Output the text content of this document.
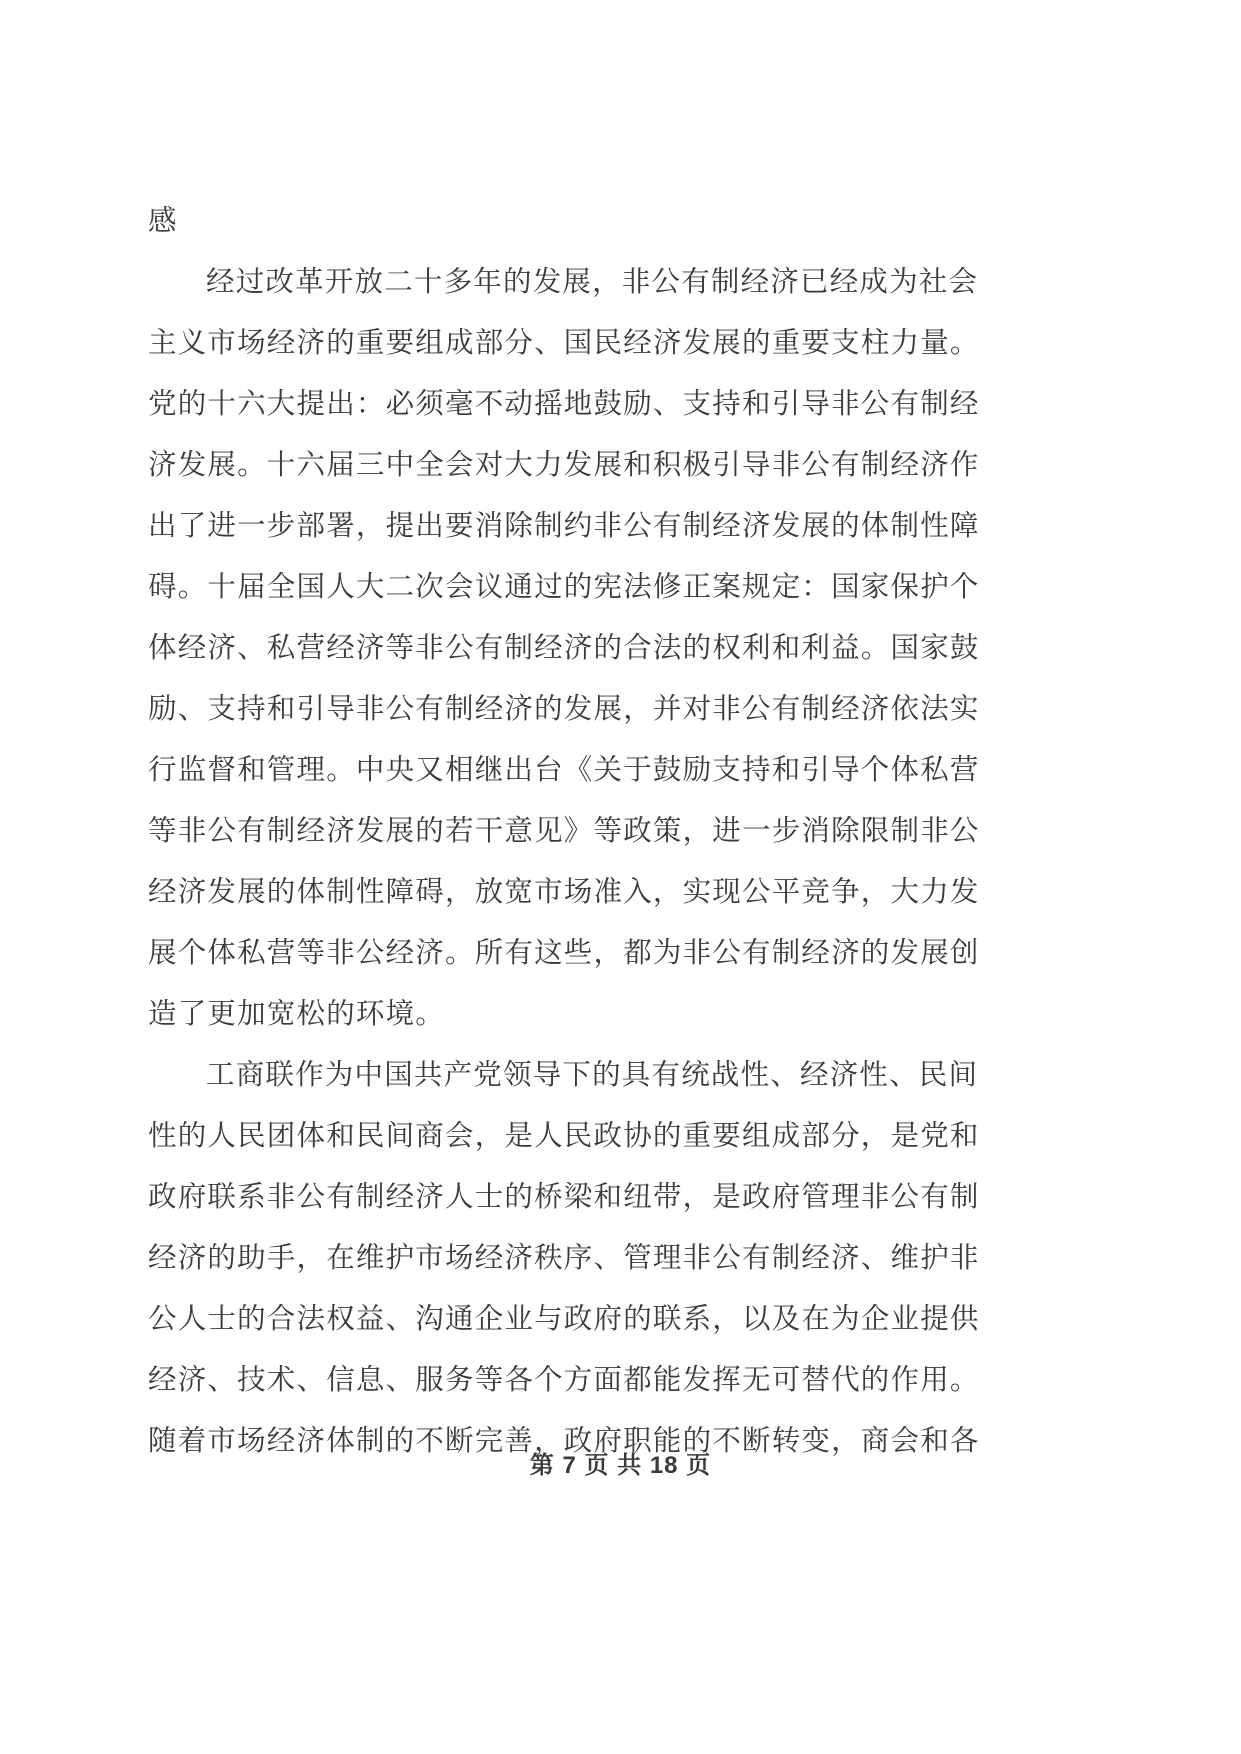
感
经过改革开放二十多年的发展，非公有制经济已经成为社会
主义市场经济的重要组成部分、国民经济发展的重要支柱力量。
党的十六大提出：必须毫不动摇地鼓励、支持和引导非公有制经
济发展。十六届三中全会对大力发展和积极引导非公有制经济作
出了进一步部署，提出要消除制约非公有制经济发展的体制性障
碍。十届全国人大二次会议通过的宪法修正案规定：国家保护个
体经济、私营经济等非公有制经济的合法的权利和利益。国家鼓
励、支持和引导非公有制经济的发展，并对非公有制经济依法实
行监督和管理。中央又相继出台《关于鼓励支持和引导个体私营
等非公有制经济发展的若干意见》等政策，进一步消除限制非公
经济发展的体制性障碍，放宽市场准入，实现公平竞争，大力发
展个体私营等非公经济。所有这些，都为非公有制经济的发展创
造了更加宽松的环境。
工商联作为中国共产党领导下的具有统战性、经济性、民间
性的人民团体和民间商会，是人民政协的重要组成部分，是党和
政府联系非公有制经济人士的桥梁和纽带，是政府管理非公有制
经济的助手，在维护市场经济秩序、管理非公有制经济、维护非
公人士的合法权益、沟通企业与政府的联系，以及在为企业提供
经济、技术、信息、服务等各个方面都能发挥无可替代的作用。
随着市场经济体制的不断完善，政府职能的不断转变，商会和各
第 7 页 共 18 页
